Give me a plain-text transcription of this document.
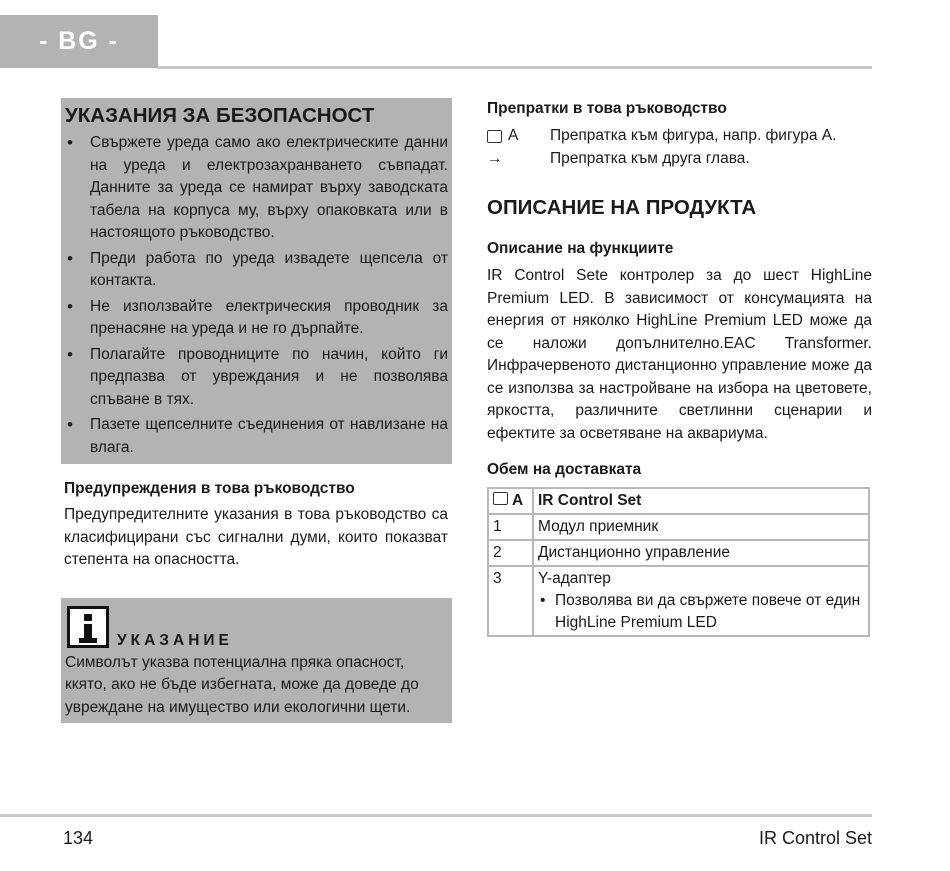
- BG -
УКАЗАНИЯ ЗА БЕЗОПАСНОСТ
• Свържете уреда само ако електрическите данни на уреда и електрозахранването съвпадат. Данните за уреда се намират върху заводската табела на корпуса му, върху опаковката или в настоящото ръководство.
• Преди работа по уреда извадете щепсела от контакта.
• Не използвайте електрическия проводник за пренасяне на уреда и не го дърпайте.
• Полагайте проводниците по начин, който ги предпазва от увреждания и не позволява спъване в тях.
• Пазете щепселните съединения от навлизане на влага.
Предупреждения в това ръководство

Предупредителните указания в това ръководство са класифицирани със сигнални думи, които показват степента на опасността.

УКАЗАНИЕ
Символът указва потенциална пряка опасност, ккято, ако не бъде избегната, може да доведе до увреждане на имущество или екологични щети.
Препратки в това ръководство
A Препратка към фигура, напр. фигура A.
→	Препратка към друга глава.
ОПИСАНИЕ НА ПРОДУКТА
Описание на функциите

IR Control Sete контролер за до шест HighLine Premium LED. В зависимост от консумацията на енергия от няколко HighLine Premium LED може да се наложи допълнително.EAC Transformer. Инфрачервеното дистанционно управление може да се използва за настройване на избора на цветовете, яркостта, различните светлинни сценарии и ефектите за осветяване на аквариума.

Обем на доставката
A	IR Control Set
1	Модул приемник
2	Дистанционно управление
3	Y-адаптер
• Позволява ви да свържете повече от един HighLine Premium LED
134	IR Control Set
